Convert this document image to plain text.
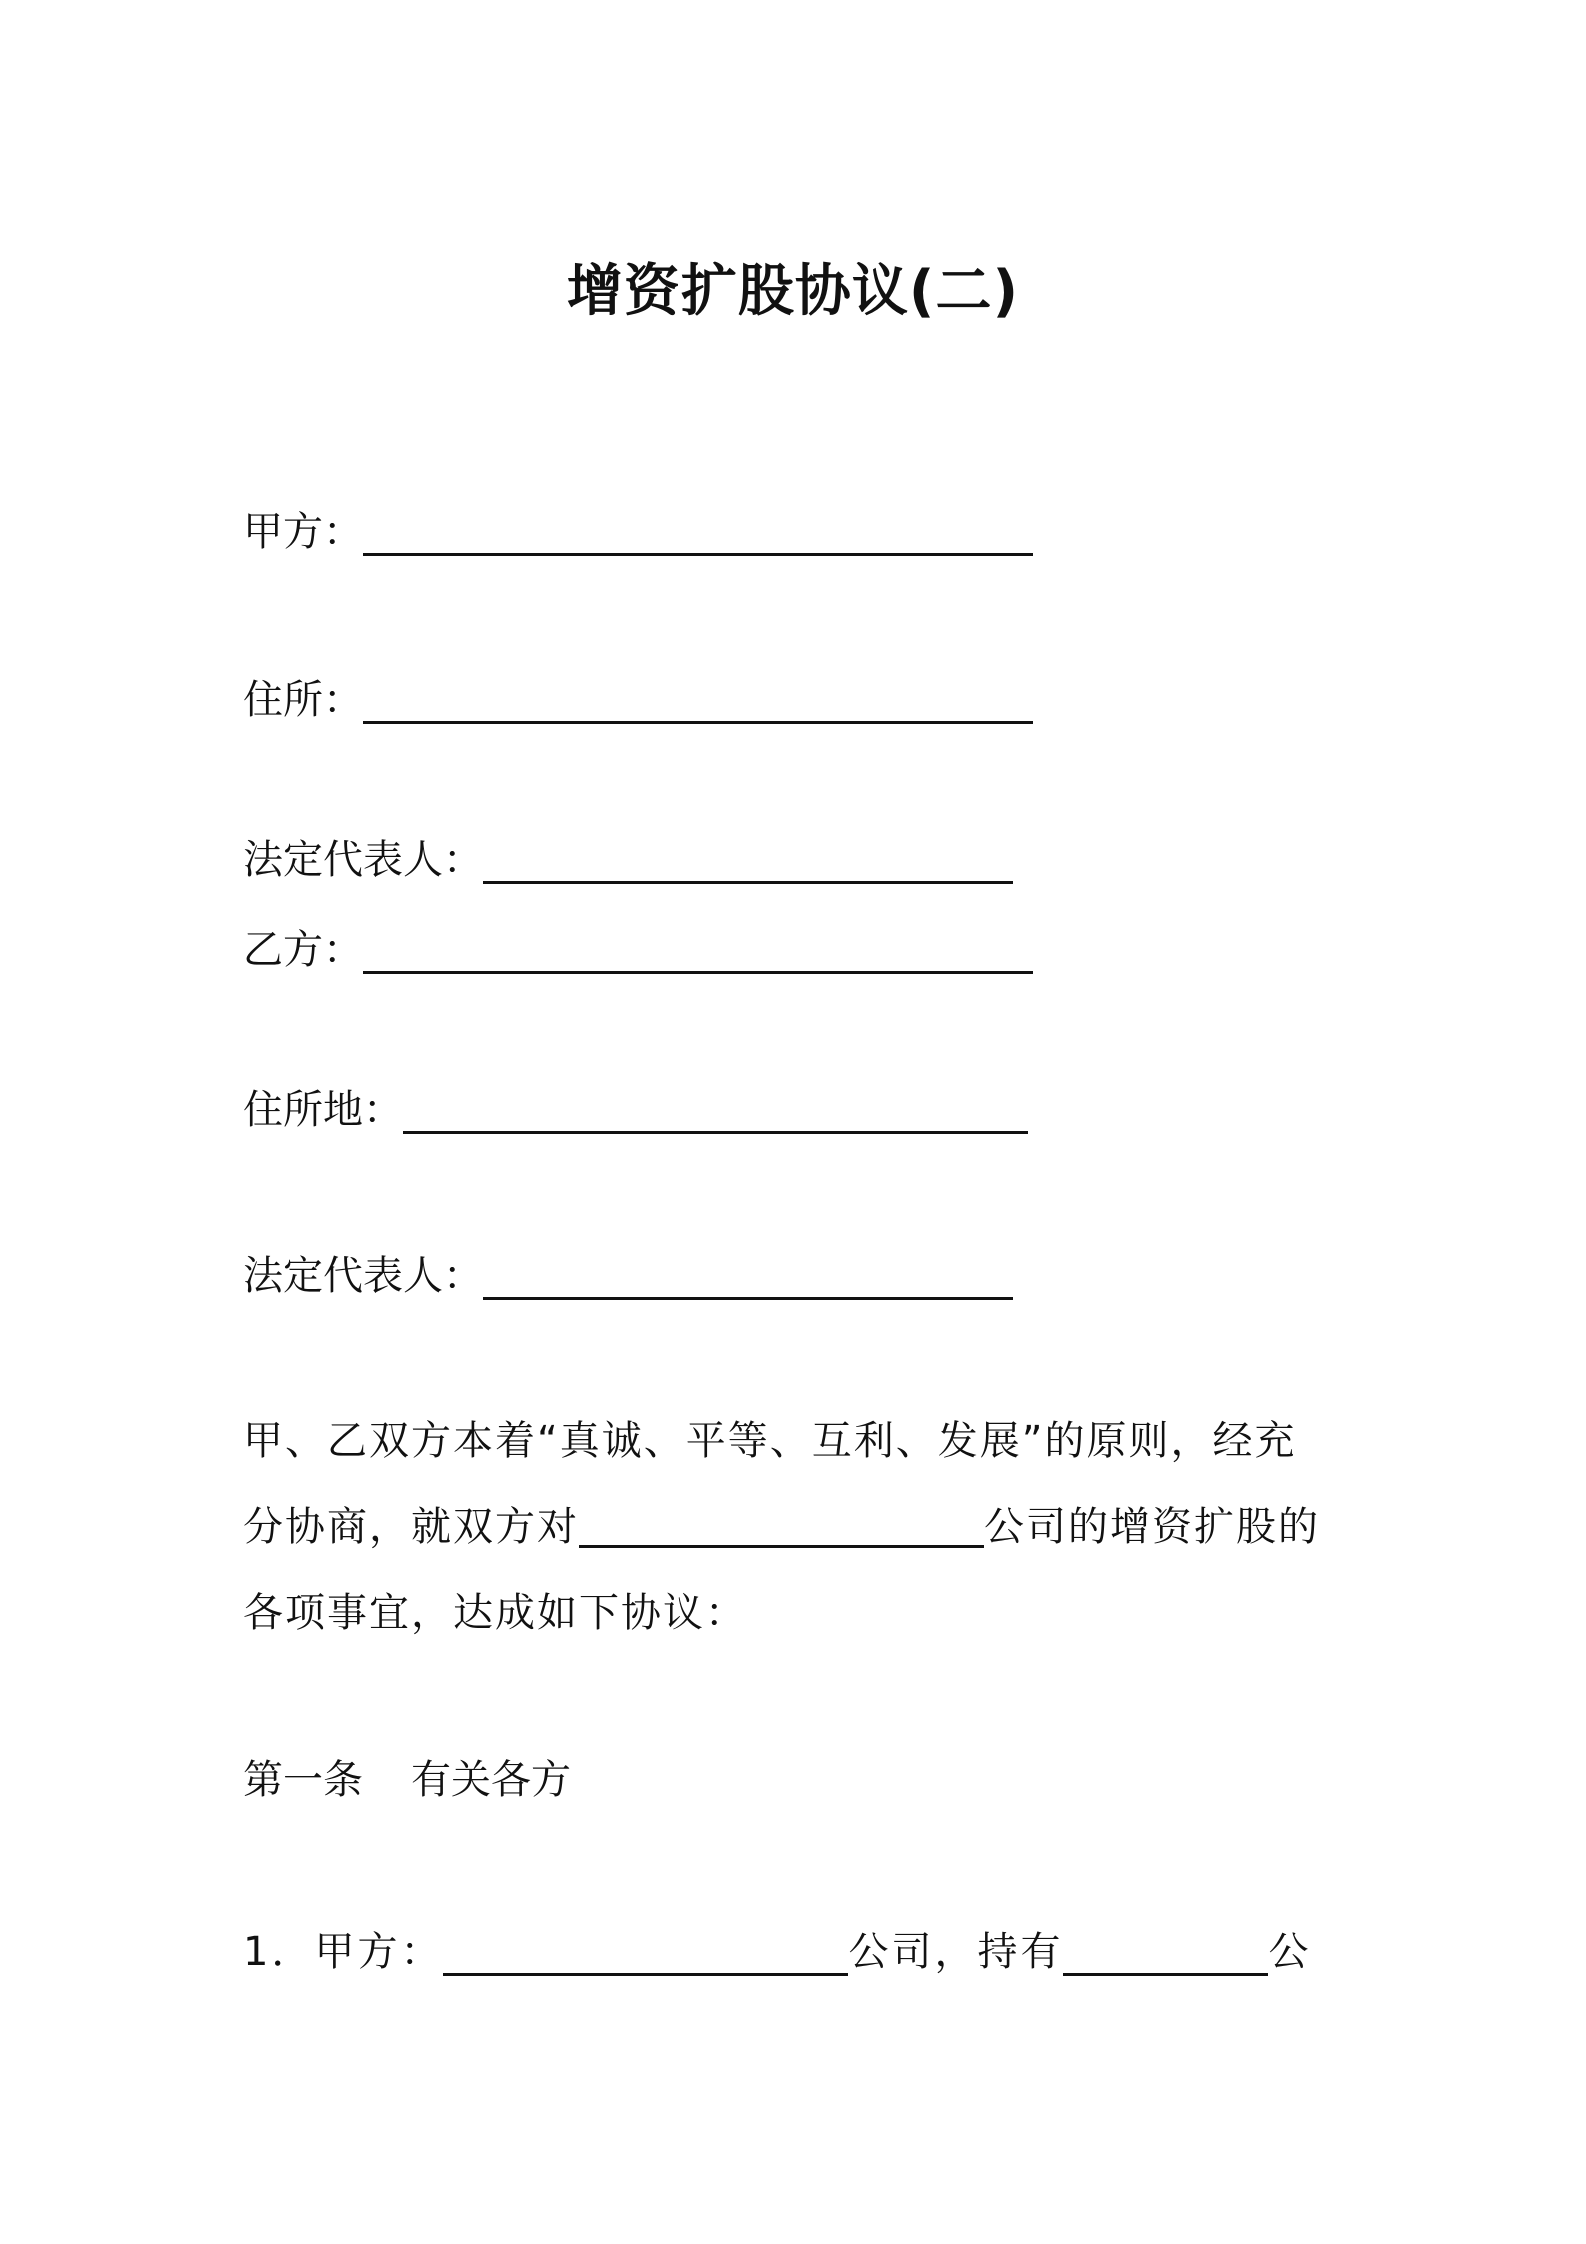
增资扩股协议(二)
甲方：
住所：
法定代表人：
乙方：
住所地：
法定代表人：
甲、乙双方本着“真诚、平等、互利、发展”的原则，经充
分协商，就双方对	公司的增资扩股的
各项事宜，达成如下协议：
第一条 有关各方
1．甲方：	公司，持有	公
